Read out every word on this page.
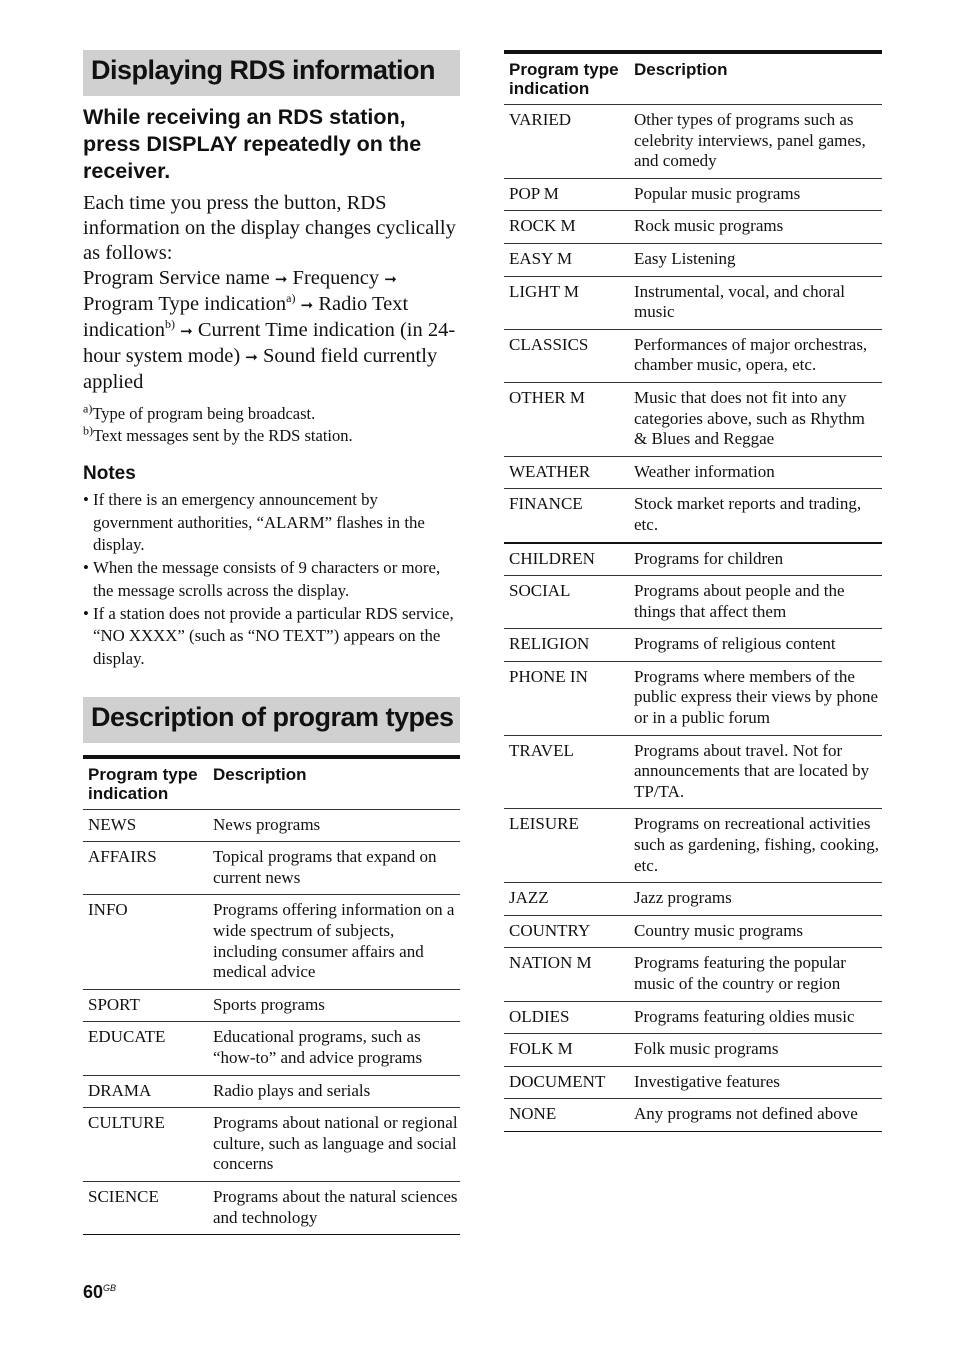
Displaying RDS information
While receiving an RDS station, press DISPLAY repeatedly on the receiver.

Each time you press the button, RDS information on the display changes cyclically as follows:

Program Service name ➞ Frequency ➞ Program Type indication$^{a)}$ ➞ Radio Text indication$^{b)}$ ➞ Current Time indication (in 24-hour system mode) ➞ Sound field currently applied

$^{a)}$Type of program being broadcast.
$^{b)}$Text messages sent by the RDS station.
Notes
• If there is an emergency announcement by government authorities, “ALARM” flashes in the display.
• When the message consists of 9 characters or more, the message scrolls across the display.
• If a station does not provide a particular RDS service, “NO XXXX” (such as “NO TEXT”) appears on the display.
Description of program types
Program type indication	Description
NEWS	News programs
AFFAIRS	Topical programs that expand on current news
INFO	Programs offering information on a wide spectrum of subjects, including consumer affairs and medical advice
SPORT	Sports programs
EDUCATE	Educational programs, such as “how-to” and advice programs
DRAMA	Radio plays and serials
CULTURE	Programs about national or regional culture, such as language and social concerns
SCIENCE	Programs about the natural sciences and technology
Program type indication	Description
VARIED	Other types of programs such as celebrity interviews, panel games, and comedy
POP M	Popular music programs
ROCK M	Rock music programs
EASY M	Easy Listening
LIGHT M	Instrumental, vocal, and choral music
CLASSICS	Performances of major orchestras, chamber music, opera, etc.
OTHER M	Music that does not fit into any categories above, such as Rhythm & Blues and Reggae
WEATHER	Weather information
FINANCE	Stock market reports and trading, etc.
CHILDREN	Programs for children
SOCIAL	Programs about people and the things that affect them
RELIGION	Programs of religious content
PHONE IN	Programs where members of the public express their views by phone or in a public forum
TRAVEL	Programs about travel. Not for announcements that are located by TP/TA.
LEISURE	Programs on recreational activities such as gardening, fishing, cooking, etc.
JAZZ	Jazz programs
COUNTRY	Country music programs
NATION M	Programs featuring the popular music of the country or region
OLDIES	Programs featuring oldies music
FOLK M	Folk music programs
DOCUMENT	Investigative features
NONE	Any programs not defined above
$60^{GB}$
